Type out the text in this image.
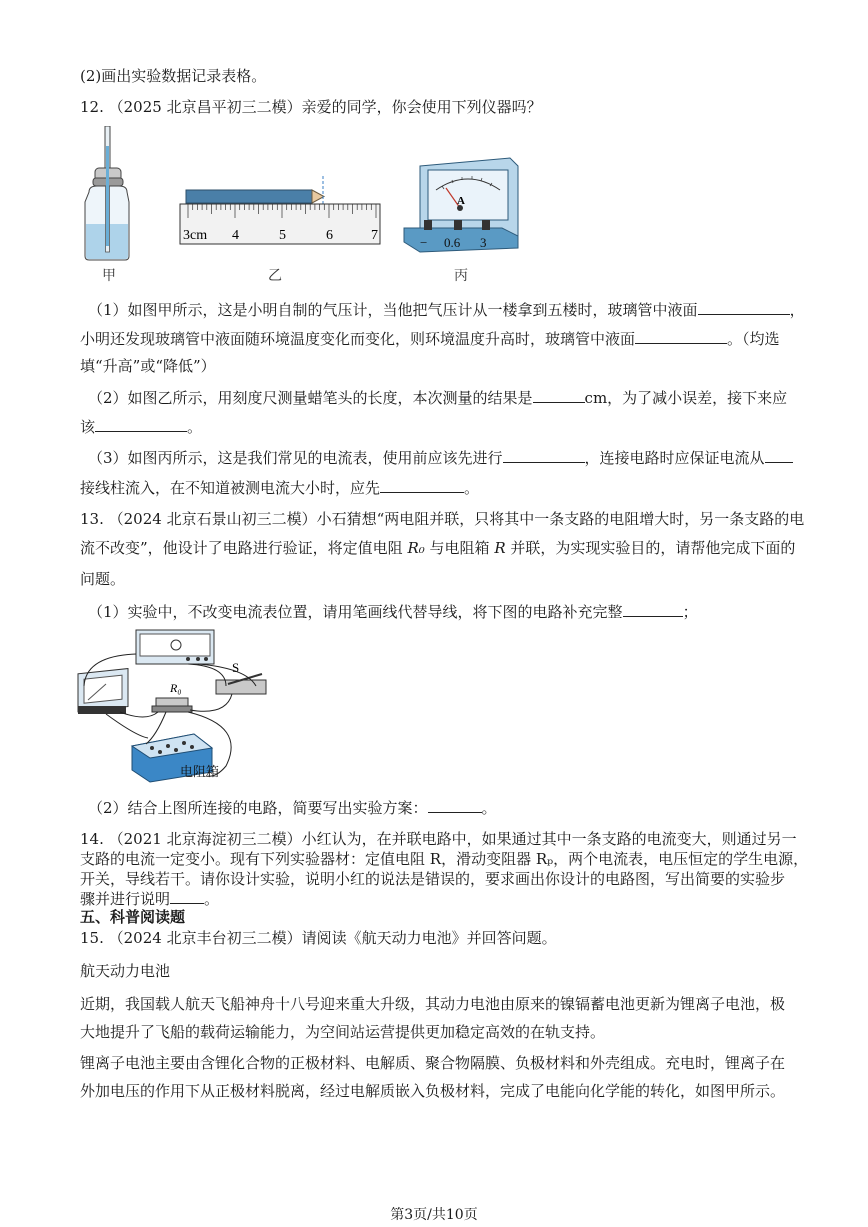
(2)画出实验数据记录表格。
12. （2025 北京昌平初三二模）亲爱的同学，你会使用下列仪器吗？
甲
3cm 4	5	6	7
乙
A
− 0.6 3
丙
（1）如图甲所示，这是小明自制的气压计，当他把气压计从一楼拿到五楼时，玻璃管中液面	，
小明还发现玻璃管中液面随环境温度变化而变化，则环境温度升高时，玻璃管中液面	。（均选
填“升高”或“降低”）
（2）如图乙所示，用刻度尺测量蜡笔头的长度，本次测量的结果是	cm，为了减小误差，接下来应
该	。
（3）如图丙所示，这是我们常见的电流表，使用前应该先进行	，连接电路时应保证电流从
接线柱流入，在不知道被测电流大小时，应先	。
13. （2024 北京石景山初三二模）小石猜想“两电阻并联，只将其中一条支路的电阻增大时，另一条支路的电
流不改变”，他设计了电路进行验证，将定值电阻 R₀ 与电阻箱 R 并联，为实现实验目的，请帮他完成下面的
问题。
（1）实验中，不改变电流表位置，请用笔画线代替导线，将下图的电路补充完整	；
S
R₀
电阻箱
（2）结合上图所连接的电路，简要写出实验方案：	。
14. （2021 北京海淀初三二模）小红认为，在并联电路中，如果通过其中一条支路的电流变大，则通过另一
支路的电流一定变小。现有下列实验器材：定值电阻 R，滑动变阻器 Rₚ，两个电流表，电压恒定的学生电源，
开关，导线若干。请你设计实验，说明小红的说法是错误的，要求画出你设计的电路图，写出简要的实验步
骤并进行说明 。
五、科普阅读题
15. （2024 北京丰台初三二模）请阅读《航天动力电池》并回答问题。
航天动力电池
近期，我国载人航天飞船神舟十八号迎来重大升级，其动力电池由原来的镍镉蓄电池更新为锂离子电池，极
大地提升了飞船的载荷运输能力，为空间站运营提供更加稳定高效的在轨支持。
锂离子电池主要由含锂化合物的正极材料、电解质、聚合物隔膜、负极材料和外壳组成。充电时，锂离子在
外加电压的作用下从正极材料脱离，经过电解质嵌入负极材料，完成了电能向化学能的转化，如图甲所示。
第3页/共10页
